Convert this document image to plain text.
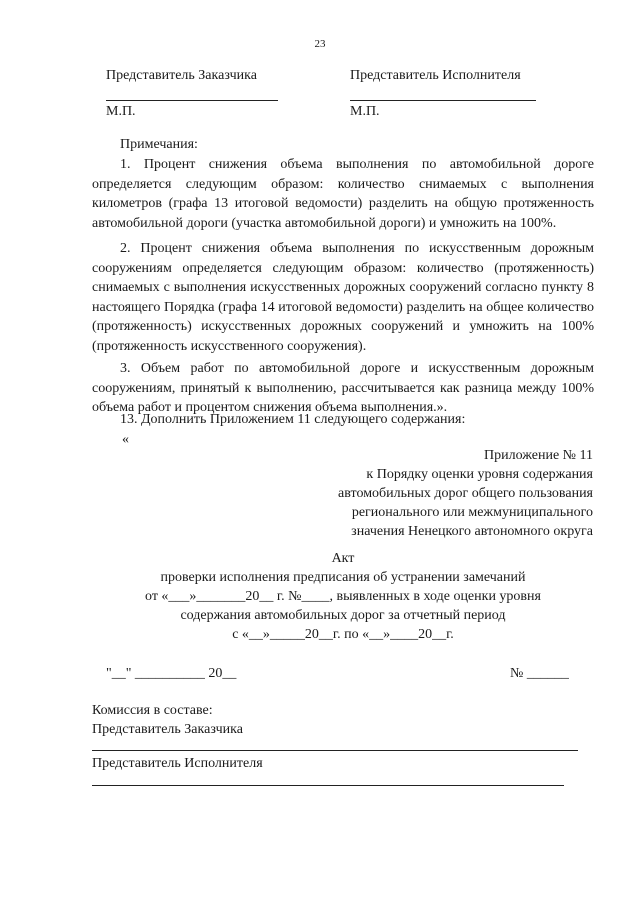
23
Представитель Заказчика	Представитель Исполнителя
М.П.	М.П.
Примечания:
1. Процент снижения объема выполнения по автомобильной дороге определяется следующим образом: количество снимаемых с выполнения километров (графа 13 итоговой ведомости) разделить на общую протяженность автомобильной дороги (участка автомобильной дороги) и умножить на 100%.
2. Процент снижения объема выполнения по искусственным дорожным сооружениям определяется следующим образом: количество (протяженность) снимаемых с выполнения искусственных дорожных сооружений согласно пункту 8 настоящего Порядка (графа 14 итоговой ведомости) разделить на общее количество (протяженность) искусственных дорожных сооружений и умножить на 100% (протяженность искусственного сооружения).
3. Объем работ по автомобильной дороге и искусственным дорожным сооружениям, принятый к выполнению, рассчитывается как разница между 100% объема работ и процентом снижения объема выполнения.».
13. Дополнить Приложением 11 следующего содержания:
«
Приложение № 11
к Порядку оценки уровня содержания
автомобильных дорог общего пользования
регионального или межмуниципального
значения Ненецкого автономного округа
Акт
проверки исполнения предписания об устранении замечаний
от «___»_______20__ г. №____, выявленных в ходе оценки уровня
содержания автомобильных дорог за отчетный период
с «__»_____20__г. по «__»____20__г.
"__" __________ 20__	№ ______
Комиссия в составе:
Представитель Заказчика
Представитель Исполнителя
